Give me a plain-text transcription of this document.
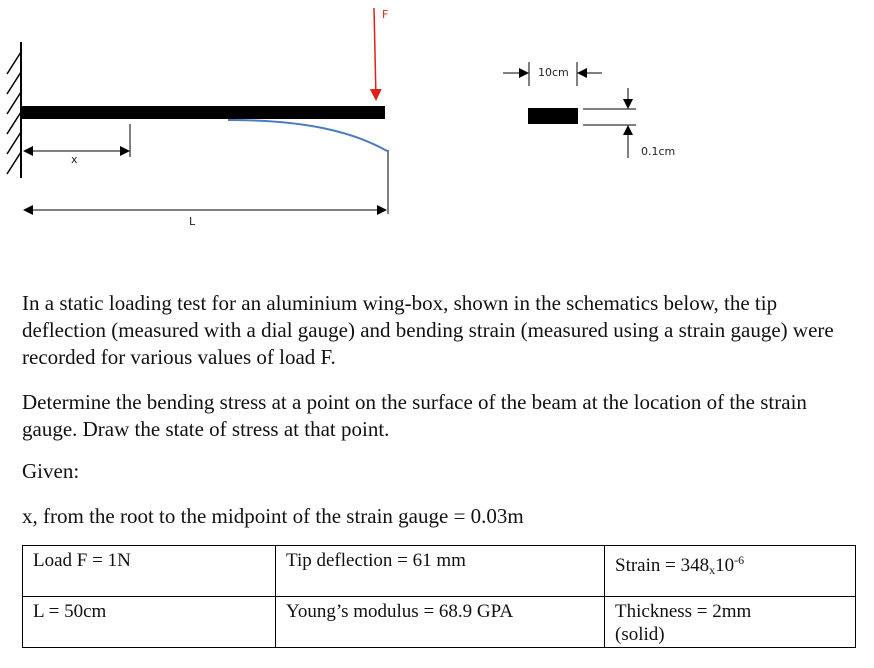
F
x
L
10cm
0.1cm

In a static loading test for an aluminium wing-box, shown in the schematics below, the tip deflection (measured with a dial gauge) and bending strain (measured using a strain gauge) were recorded for various values of load F.

Determine the bending stress at a point on the surface of the beam at the location of the strain gauge. Draw the state of stress at that point.

Given:

x, from the root to the midpoint of the strain gauge = 0.03m

Load F = 1N	Tip deflection = 61 mm	Strain = $348_x10^{-6}$
L = 50cm	Young’s modulus = 68.9 GPA	Thickness = 2mm
(solid)
